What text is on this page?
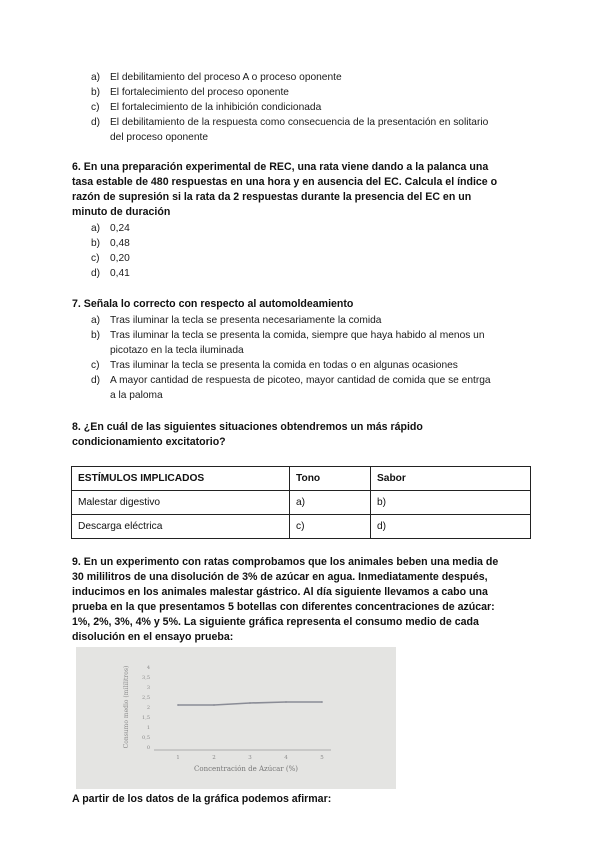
a) El debilitamiento del proceso A o proceso oponente
b) El fortalecimiento del proceso oponente
c)	El fortalecimiento de la inhibición condicionada
d) El debilitamiento de la respuesta como consecuencia de la presentación en solitario
del proceso oponente
6. En una preparación experimental de REC, una rata viene dando a la palanca una
tasa estable de 480 respuestas en una hora y en ausencia del EC. Calcula el índice o
razón de supresión si la rata da 2 respuestas durante la presencia del EC en un
minuto de duración
a) 0,24
b) 0,48
c)	0,20
d) 0,41
7. Señala lo correcto con respecto al automoldeamiento
a) Tras iluminar la tecla se presenta necesariamente la comida
b) Tras iluminar la tecla se presenta la comida, siempre que haya habido al menos un
picotazo en la tecla iluminada
c)	Tras iluminar la tecla se presenta la comida en todas o en algunas ocasiones
d) A mayor cantidad de respuesta de picoteo, mayor cantidad de comida que se entrga
a la paloma
8. ¿En cuál de las siguientes situaciones obtendremos un más rápido
condicionamiento excitatorio?
ESTÍMULOS IMPLICADOS	Tono	Sabor
Malestar digestivo	a)	b)
Descarga eléctrica	c)	d)
9. En un experimento con ratas comprobamos que los animales beben una media de
30 mililitros de una disolución de 3% de azúcar en agua. Inmediatamente después,
inducimos en los animales malestar gástrico. Al día siguiente llevamos a cabo una
prueba en la que presentamos 5 botellas con diferentes concentraciones de azúcar:
1%, 2%, 3%, 4% y 5%. La siguiente gráfica representa el consumo medio de cada
disolución en el ensayo prueba:
0
0,5
1
1,5
2
2,5
3
3,5
4
1	2	3	4	5
Concentración de Azúcar (%)
Consumo medio (mililitros)
A partir de los datos de la gráfica podemos afirmar:
